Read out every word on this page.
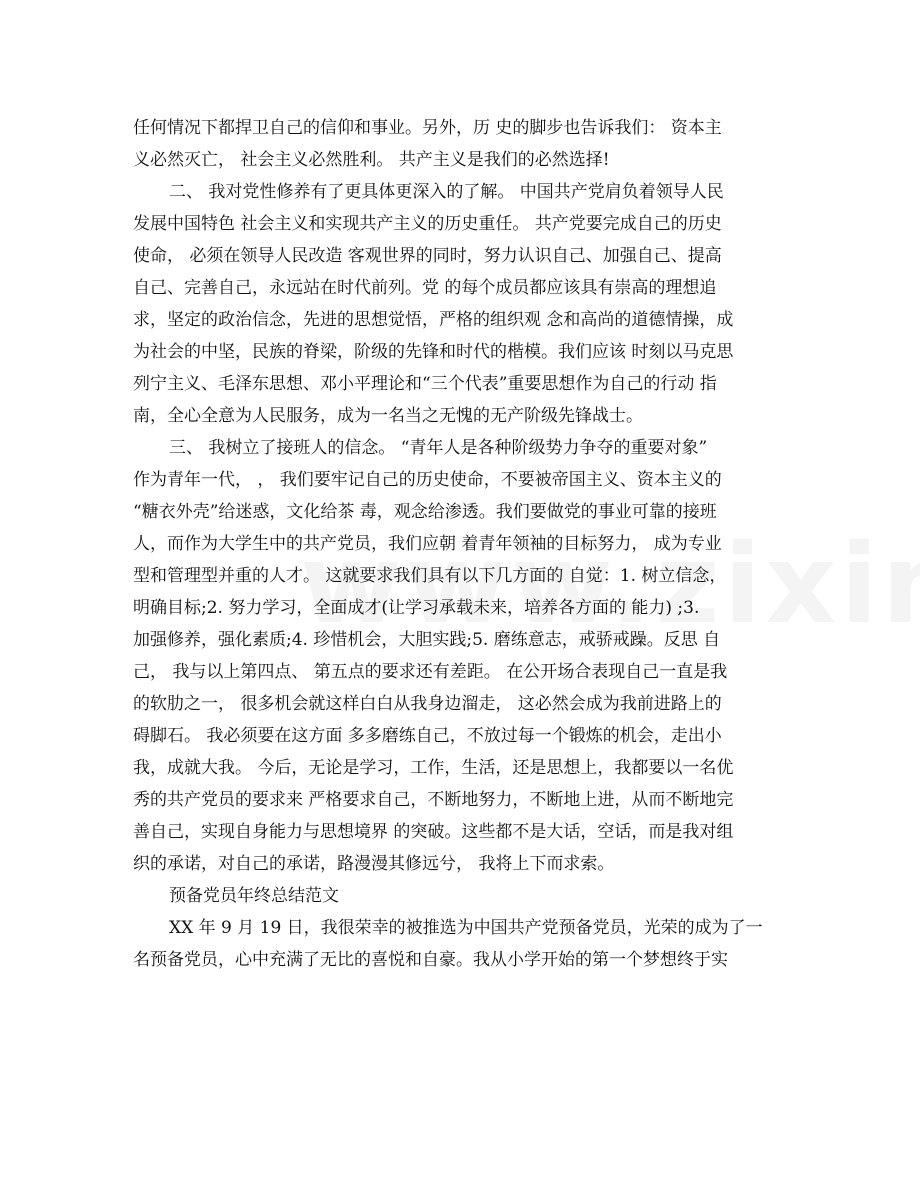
任何情况下都捍卫自己的信仰和事业。另外，历 史的脚步也告诉我们： 资本主
义必然灭亡， 社会主义必然胜利。 共产主义是我们的必然选择!
二、 我对党性修养有了更具体更深入的了解。 中国共产党肩负着领导人民
发展中国特色 社会主义和实现共产主义的历史重任。 共产党要完成自己的历史
使命， 必须在领导人民改造 客观世界的同时，努力认识自己、加强自己、提高
自己、完善自己，永远站在时代前列。党 的每个成员都应该具有崇高的理想追
求，坚定的政治信念，先进的思想觉悟，严格的组织观 念和高尚的道德情操，成
为社会的中坚，民族的脊梁，阶级的先锋和时代的楷模。我们应该 时刻以马克思
列宁主义、毛泽东思想、邓小平理论和“三个代表”重要思想作为自己的行动 指
南，全心全意为人民服务，成为一名当之无愧的无产阶级先锋战士。
三、 我树立了接班人的信念。 “青年人是各种阶级势力争夺的重要对象”
作为青年一代， ， 我们要牢记自己的历史使命，不要被帝国主义、资本主义的
“糖衣外壳”给迷惑，文化给茶 毒，观念给渗透。我们要做党的事业可靠的接班
人，而作为大学生中的共产党员，我们应朝 着青年领袖的目标努力， 成为专业
型和管理型并重的人才。 这就要求我们具有以下几方面的 自觉：1. 树立信念，
明确目标;2. 努力学习，全面成才(让学习承载未来，培养各方面的 能力) ;3.
加强修养，强化素质;4. 珍惜机会，大胆实践;5. 磨练意志，戒骄戒躁。反思 自
己， 我与以上第四点、 第五点的要求还有差距。 在公开场合表现自己一直是我
的软肋之一， 很多机会就这样白白从我身边溜走， 这必然会成为我前进路上的
碍脚石。 我必须要在这方面 多多磨练自己，不放过每一个锻炼的机会，走出小
我，成就大我。 今后，无论是学习，工作，生活，还是思想上，我都要以一名优
秀的共产党员的要求来 严格要求自己，不断地努力，不断地上进，从而不断地完
善自己，实现自身能力与思想境界 的突破。这些都不是大话，空话，而是我对组
织的承诺，对自己的承诺，路漫漫其修远兮， 我将上下而求索。
预备党员年终总结范文
XX 年 9 月 19 日，我很荣幸的被推选为中国共产党预备党员，光荣的成为了一
名预备党员，心中充满了无比的喜悦和自豪。我从小学开始的第一个梦想终于实
